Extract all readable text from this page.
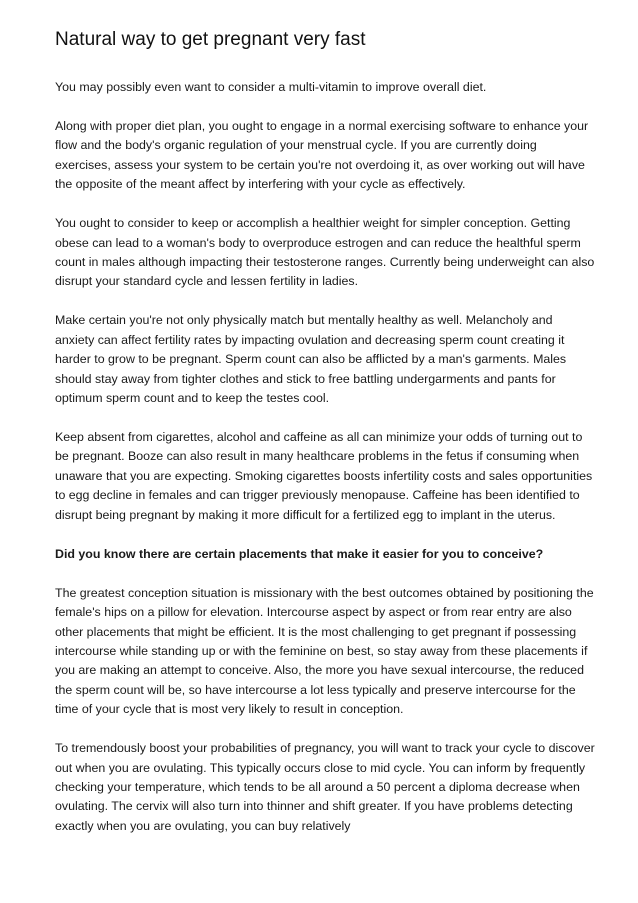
Natural way to get pregnant very fast

You may possibly even want to consider a multi-vitamin to improve overall diet.

Along with proper diet plan, you ought to engage in a normal exercising software to enhance your flow and the body's organic regulation of your menstrual cycle. If you are currently doing exercises, assess your system to be certain you're not overdoing it, as over working out will have the opposite of the meant affect by interfering with your cycle as effectively.

You ought to consider to keep or accomplish a healthier weight for simpler conception. Getting obese can lead to a woman's body to overproduce estrogen and can reduce the healthful sperm count in males although impacting their testosterone ranges. Currently being underweight can also disrupt your standard cycle and lessen fertility in ladies.

Make certain you're not only physically match but mentally healthy as well. Melancholy and anxiety can affect fertility rates by impacting ovulation and decreasing sperm count creating it harder to grow to be pregnant. Sperm count can also be afflicted by a man's garments. Males should stay away from tighter clothes and stick to free battling undergarments and pants for optimum sperm count and to keep the testes cool.

Keep absent from cigarettes, alcohol and caffeine as all can minimize your odds of turning out to be pregnant. Booze can also result in many healthcare problems in the fetus if consuming when unaware that you are expecting. Smoking cigarettes boosts infertility costs and sales opportunities to egg decline in females and can trigger previously menopause. Caffeine has been identified to disrupt being pregnant by making it more difficult for a fertilized egg to implant in the uterus.

Did you know there are certain placements that make it easier for you to conceive?

The greatest conception situation is missionary with the best outcomes obtained by positioning the female's hips on a pillow for elevation. Intercourse aspect by aspect or from rear entry are also other placements that might be efficient. It is the most challenging to get pregnant if possessing intercourse while standing up or with the feminine on best, so stay away from these placements if you are making an attempt to conceive. Also, the more you have sexual intercourse, the reduced the sperm count will be, so have intercourse a lot less typically and preserve intercourse for the time of your cycle that is most very likely to result in conception.

To tremendously boost your probabilities of pregnancy, you will want to track your cycle to discover out when you are ovulating. This typically occurs close to mid cycle. You can inform by frequently checking your temperature, which tends to be all around a 50 percent a diploma decrease when ovulating. The cervix will also turn into thinner and shift greater. If you have problems detecting exactly when you are ovulating, you can buy relatively
